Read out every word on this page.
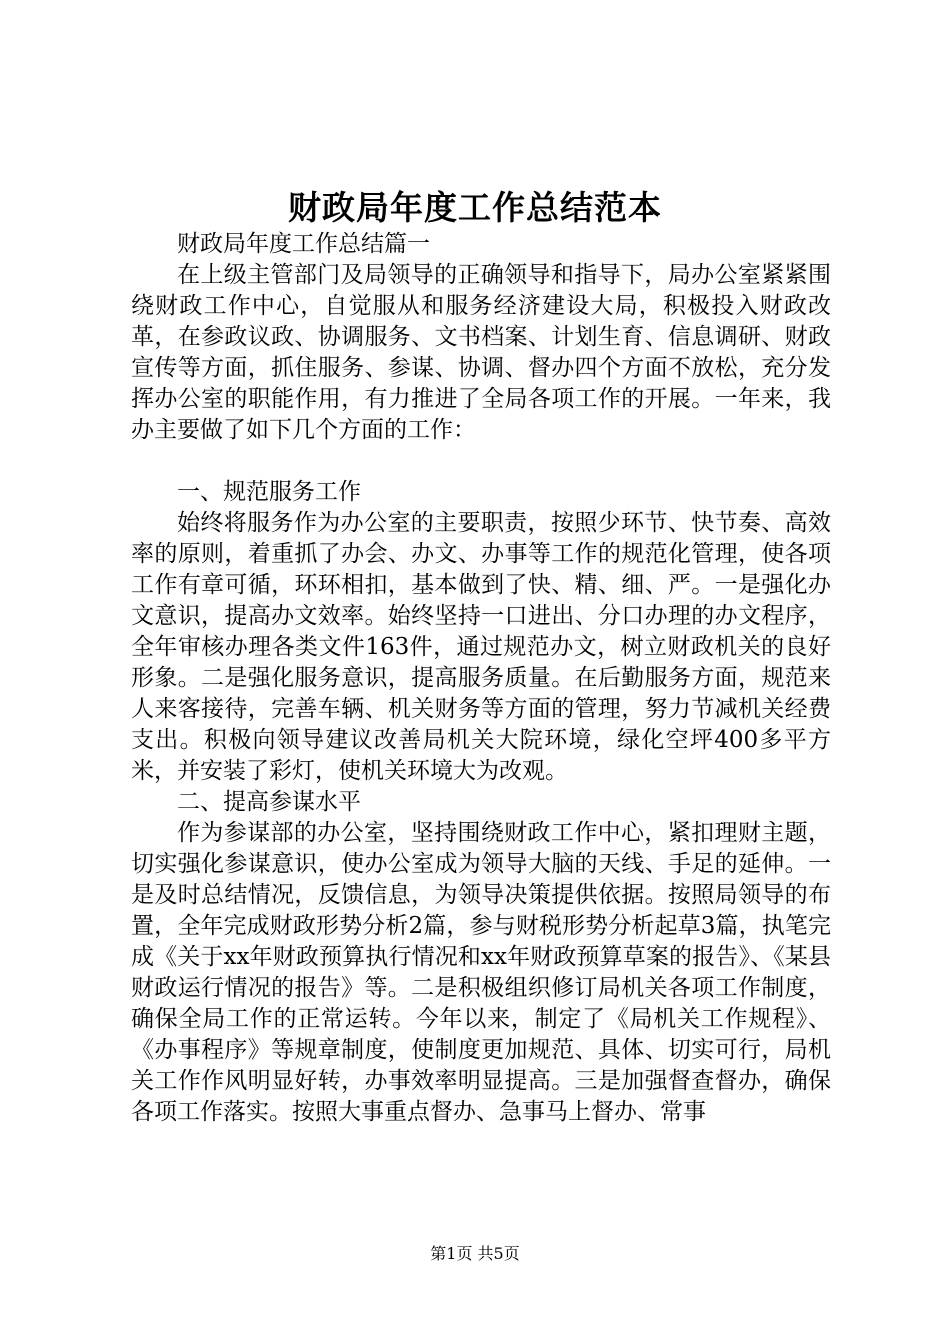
财政局年度工作总结范本

财政局年度工作总结篇一

在上级主管部门及局领导的正确领导和指导下，局办公室紧紧围绕财政工作中心，自觉服从和服务经济建设大局，积极投入财政改革，在参政议政、协调服务、文书档案、计划生育、信息调研、财政宣传等方面，抓住服务、参谋、协调、督办四个方面不放松，充分发挥办公室的职能作用，有力推进了全局各项工作的开展。一年来，我办主要做了如下几个方面的工作：

一、规范服务工作

始终将服务作为办公室的主要职责，按照少环节、快节奏、高效率的原则，着重抓了办会、办文、办事等工作的规范化管理，使各项工作有章可循，环环相扣，基本做到了快、精、细、严。一是强化办文意识，提高办文效率。始终坚持一口进出、分口办理的办文程序，全年审核办理各类文件163件，通过规范办文，树立财政机关的良好形象。二是强化服务意识，提高服务质量。在后勤服务方面，规范来人来客接待，完善车辆、机关财务等方面的管理，努力节减机关经费支出。积极向领导建议改善局机关大院环境，绿化空坪400多平方米，并安装了彩灯，使机关环境大为改观。

二、提高参谋水平

作为参谋部的办公室，坚持围绕财政工作中心，紧扣理财主题，切实强化参谋意识，使办公室成为领导大脑的天线、手足的延伸。一是及时总结情况，反馈信息，为领导决策提供依据。按照局领导的布置，全年完成财政形势分析2篇，参与财税形势分析起草3篇，执笔完成《关于xx年财政预算执行情况和xx年财政预算草案的报告》、《某县财政运行情况的报告》等。二是积极组织修订局机关各项工作制度，确保全局工作的正常运转。今年以来，制定了《局机关工作规程》、《办事程序》等规章制度，使制度更加规范、具体、切实可行，局机关工作作风明显好转，办事效率明显提高。三是加强督查督办，确保各项工作落实。按照大事重点督办、急事马上督办、常事

第1页 共5页
